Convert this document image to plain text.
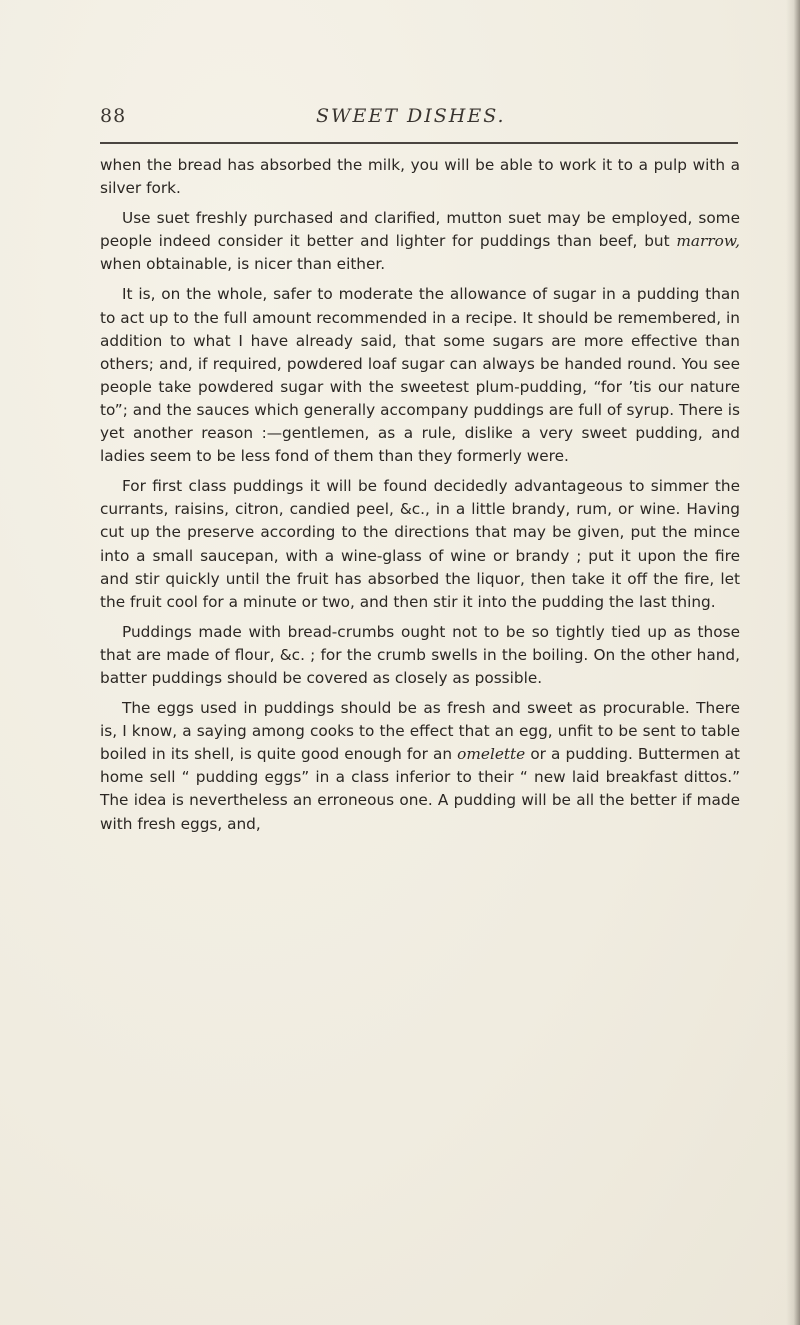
88	SWEET DISHES.

when the bread has absorbed the milk, you will be able to work it to a pulp with a silver fork.

Use suet freshly purchased and clarified, mutton suet may be employed, some people indeed consider it better and lighter for puddings than beef, but marrow, when obtainable, is nicer than either.

It is, on the whole, safer to moderate the allowance of sugar in a pudding than to act up to the full amount recommended in a recipe. It should be remembered, in addition to what I have already said, that some sugars are more effective than others; and, if required, powdered loaf sugar can always be handed round. You see people take powdered sugar with the sweetest plum-pudding, “for ’tis our nature to”; and the sauces which generally accompany puddings are full of syrup. There is yet another reason :—gentlemen, as a rule, dislike a very sweet pudding, and ladies seem to be less fond of them than they formerly were.

For first class puddings it will be found decidedly advantageous to simmer the currants, raisins, citron, candied peel, &c., in a little brandy, rum, or wine. Having cut up the preserve according to the directions that may be given, put the mince into a small saucepan, with a wine-glass of wine or brandy ; put it upon the fire and stir quickly until the fruit has absorbed the liquor, then take it off the fire, let the fruit cool for a minute or two, and then stir it into the pudding the last thing.

Puddings made with bread-crumbs ought not to be so tightly tied up as those that are made of flour, &c. ; for the crumb swells in the boiling. On the other hand, batter puddings should be covered as closely as possible.

The eggs used in puddings should be as fresh and sweet as procurable. There is, I know, a saying among cooks to the effect that an egg, unfit to be sent to table boiled in its shell, is quite good enough for an omelette or a pudding. Buttermen at home sell “ pudding eggs” in a class inferior to their “ new laid breakfast dittos.” The idea is nevertheless an erroneous one. A pudding will be all the better if made with fresh eggs, and,
